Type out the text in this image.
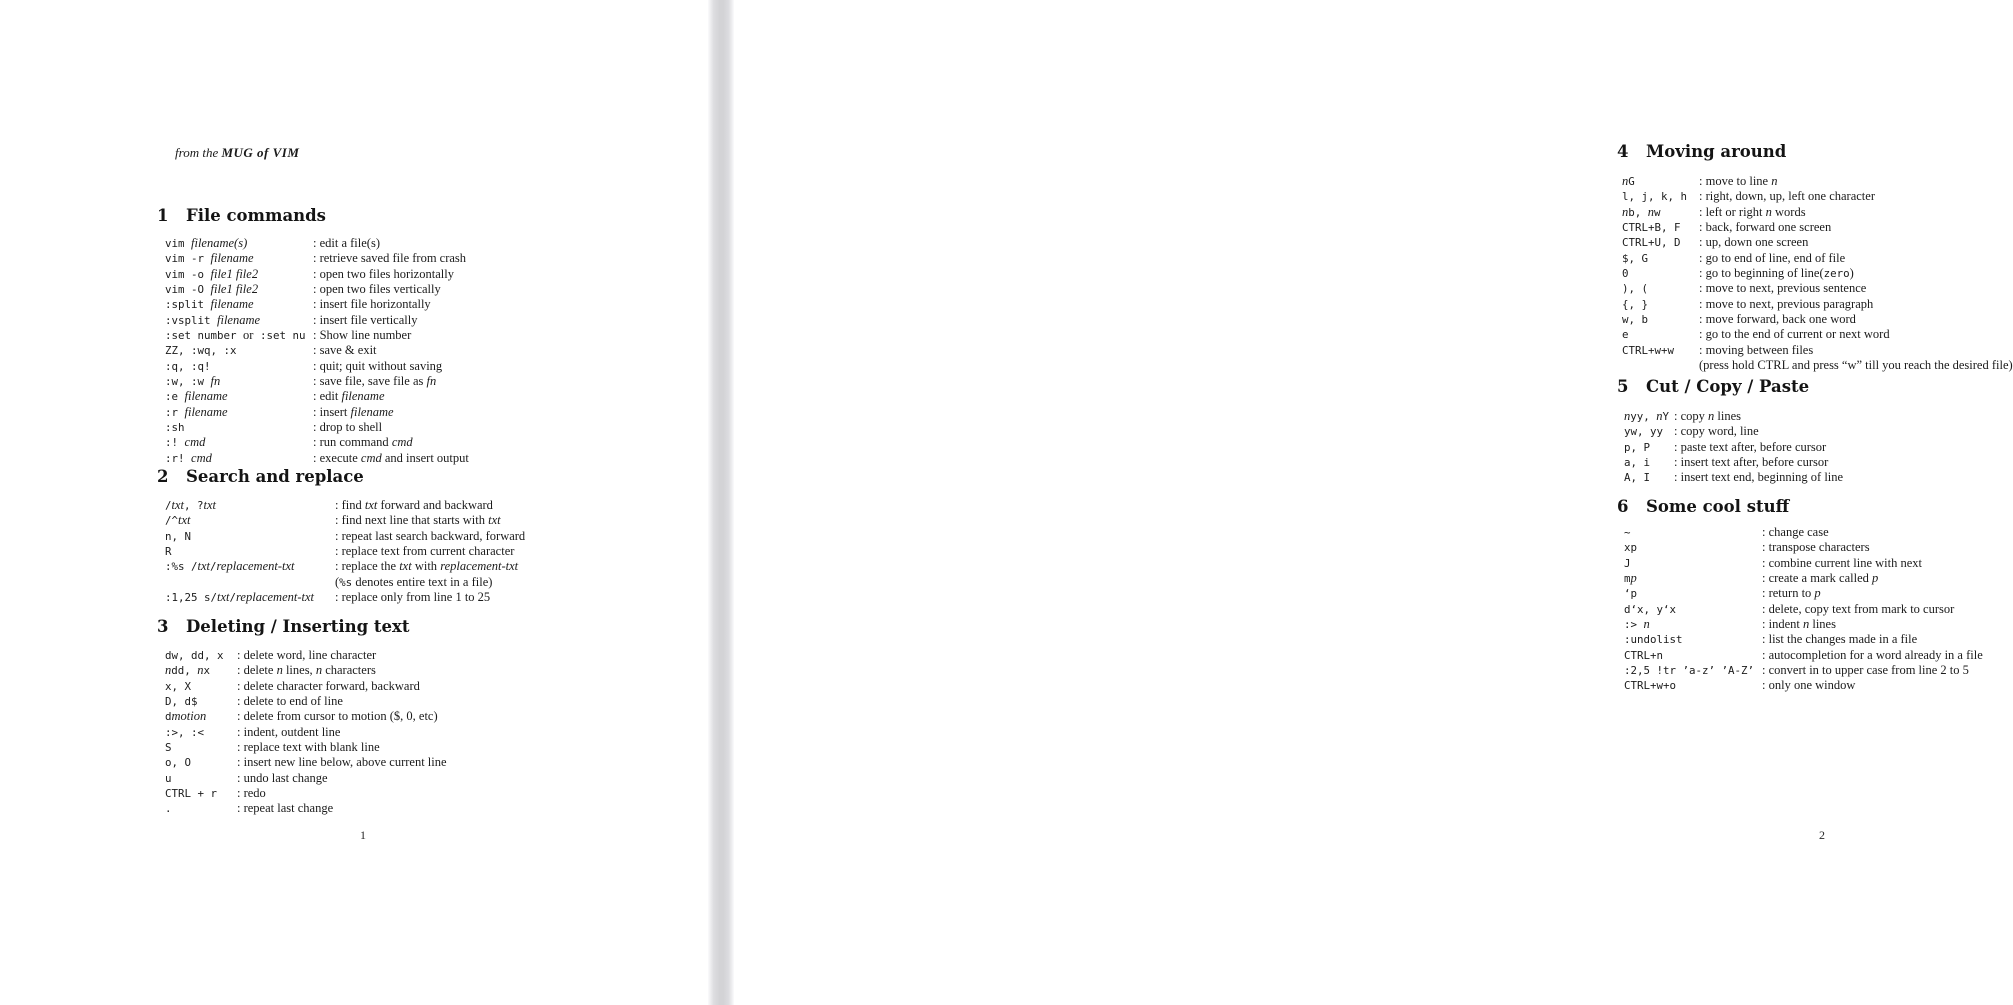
from the MUG of VIM
1 File commands
vim filename(s)	: edit a file(s)
vim -r filename	: retrieve saved file from crash
vim -o file1 file2	: open two files horizontally
vim -O file1 file2	: open two files vertically
:split filename	: insert file horizontally
:vsplit filename	: insert file vertically
:set number or :set nu : Show line number
ZZ, :wq, :x	: save & exit
:q, :q!	: quit; quit without saving
:w, :w fn	: save file, save file as fn
:e filename	: edit filename
:r filename	: insert filename
:sh	: drop to shell
:! cmd	: run command cmd
:r! cmd	: execute cmd and insert output
2 Search and replace
/txt, ?txt	: find txt forward and backward
/^txt	: find next line that starts with txt
n, N	: repeat last search backward, forward
R	: replace text from current character
:%s /txt/replacement-txt	: replace the txt with replacement-txt
(%s denotes entire text in a file)
:1,25 s/txt/replacement-txt	: replace only from line 1 to 25
3 Deleting / Inserting text
dw, dd, x	: delete word, line character
ndd, nx	: delete n lines, n characters
x, X	: delete character forward, backward
D, d$	: delete to end of line
dmotion	: delete from cursor to motion ($, 0, etc)
:>, :<	: indent, outdent line
S	: replace text with blank line
o, O	: insert new line below, above current line
u	: undo last change
CTRL + r	: redo
.	: repeat last change
1
4 Moving around
nG	: move to line n
l, j, k, h : right, down, up, left one character
nb, nw	: left or right n words
CTRL+B, F	: back, forward one screen
CTRL+U, D	: up, down one screen
$, G	: go to end of line, end of file
0	: go to beginning of line(zero)
), (	: move to next, previous sentence
{, }	: move to next, previous paragraph
w, b	: move forward, back one word
e	: go to the end of current or next word
CTRL+w+w	: moving between files
(press hold CTRL and press “w” till you reach the desired file)
5 Cut / Copy / Paste
nyy, nY : copy n lines
yw, yy : copy word, line
p, P	: paste text after, before cursor
a, i	: insert text after, before cursor
A, I	: insert text end, beginning of line
6 Some cool stuff
~	: change case
xp	: transpose characters
J	: combine current line with next
mp	: create a mark called p
‘p	: return to p
d‘x, y‘x	: delete, copy text from mark to cursor
:> n	: indent n lines
:undolist	: list the changes made in a file
CTRL+n	: autocompletion for a word already in a file
:2,5 !tr ’a-z’ ’A-Z’ : convert in to upper case from line 2 to 5
CTRL+w+o	: only one window
2
